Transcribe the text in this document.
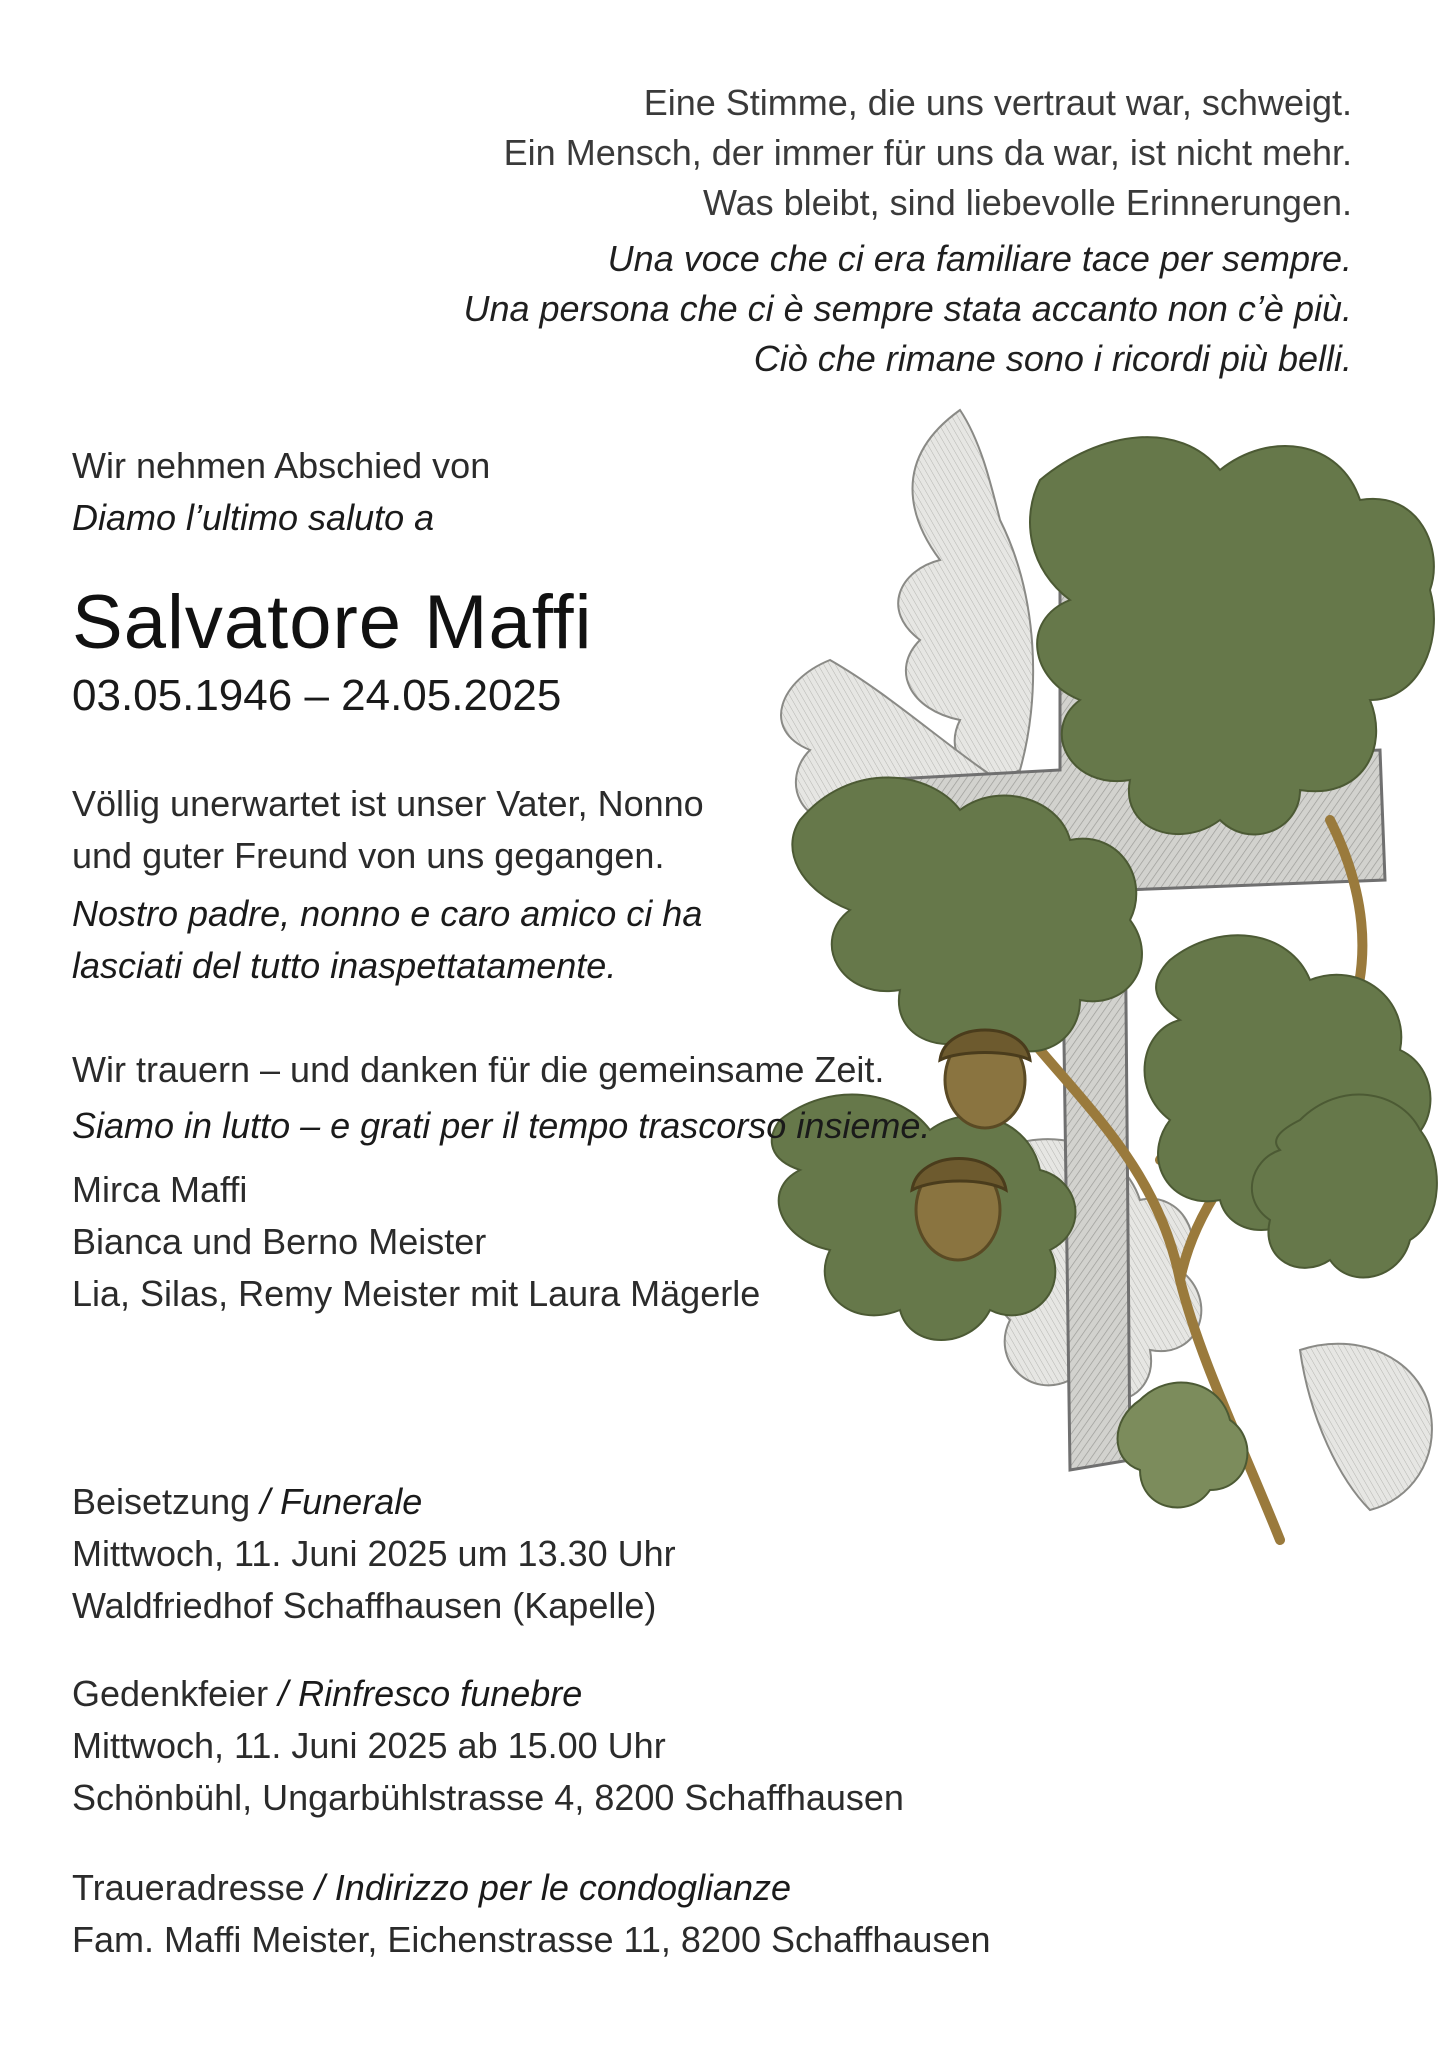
Eine Stimme, die uns vertraut war, schweigt.
Ein Mensch, der immer für uns da war, ist nicht mehr.
Was bleibt, sind liebevolle Erinnerungen.
Una voce che ci era familiare tace per sempre.
Una persona che ci è sempre stata accanto non c’è più.
Ciò che rimane sono i ricordi più belli.
Wir nehmen Abschied von
Diamo l’ultimo saluto a
Salvatore Maffi
03.05.1946 – 24.05.2025
Völlig unerwartet ist unser Vater, Nonno
und guter Freund von uns gegangen.
Nostro padre, nonno e caro amico ci ha
lasciati del tutto inaspettatamente.
Wir trauern – und danken für die gemeinsame Zeit.
Siamo in lutto – e grati per il tempo trascorso insieme.
Mirca Maffi
Bianca und Berno Meister
Lia, Silas, Remy Meister mit Laura Mägerle
Beisetzung / Funerale
Mittwoch, 11. Juni 2025 um 13.30 Uhr
Waldfriedhof Schaffhausen (Kapelle)
Gedenkfeier / Rinfresco funebre
Mittwoch, 11. Juni 2025 ab 15.00 Uhr
Schönbühl, Ungarbühlstrasse 4, 8200 Schaffhausen
Traueradresse / Indirizzo per le condoglianze
Fam. Maffi Meister, Eichenstrasse 11, 8200 Schaffhausen
